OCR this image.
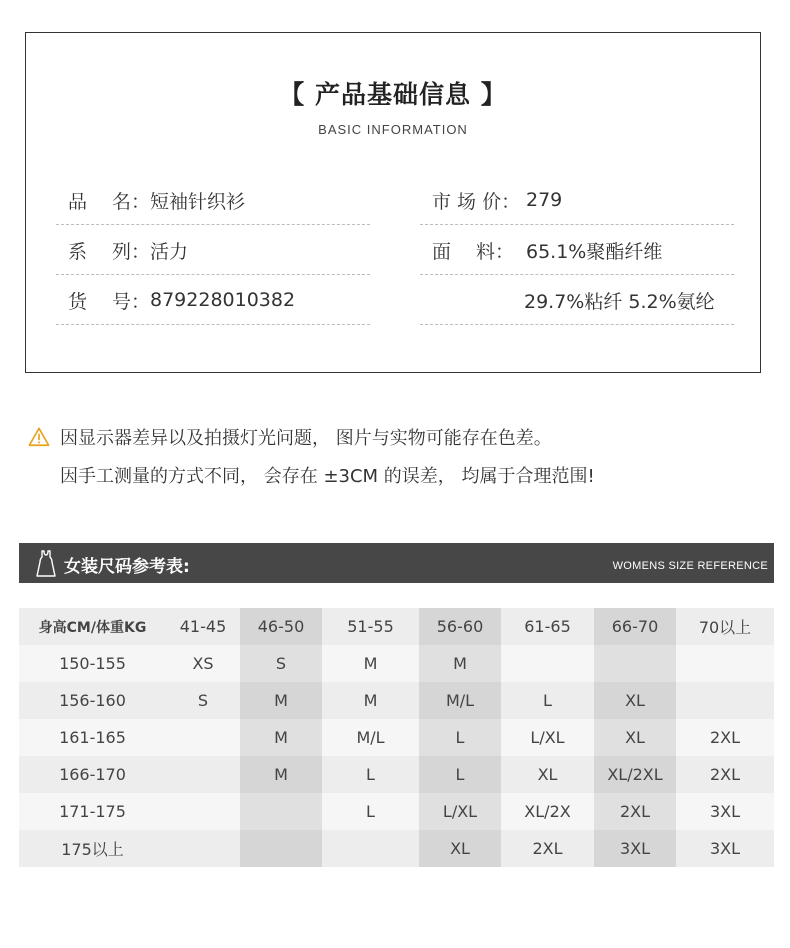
【 产品基础信息 】
BASIC INFORMATION
品　 名： 短袖针织衫
系　 列： 活力
货　 号： 879228010382
市 场 价： 279
面　 料： 65.1%聚酯纤维
29.7%粘纤 5.2%氨纶
因显示器差异以及拍摄灯光问题， 图片与实物可能存在色差。
因手工测量的方式不同， 会存在 ±3CM 的误差， 均属于合理范围!
女装尺码参考表:	WOMENS SIZE REFERENCE
身高CM/体重KG	41-45	46-50	51-55	56-60	61-65	66-70	70以上
150-155	XS	S	M	M			
156-160	S	M	M	M/L	L	XL	
161-165		M	M/L	L	L/XL	XL	2XL
166-170		M	L	L	XL	XL/2XL	2XL
171-175			L	L/XL	XL/2X	2XL	3XL
175以上				XL	2XL	3XL	3XL
